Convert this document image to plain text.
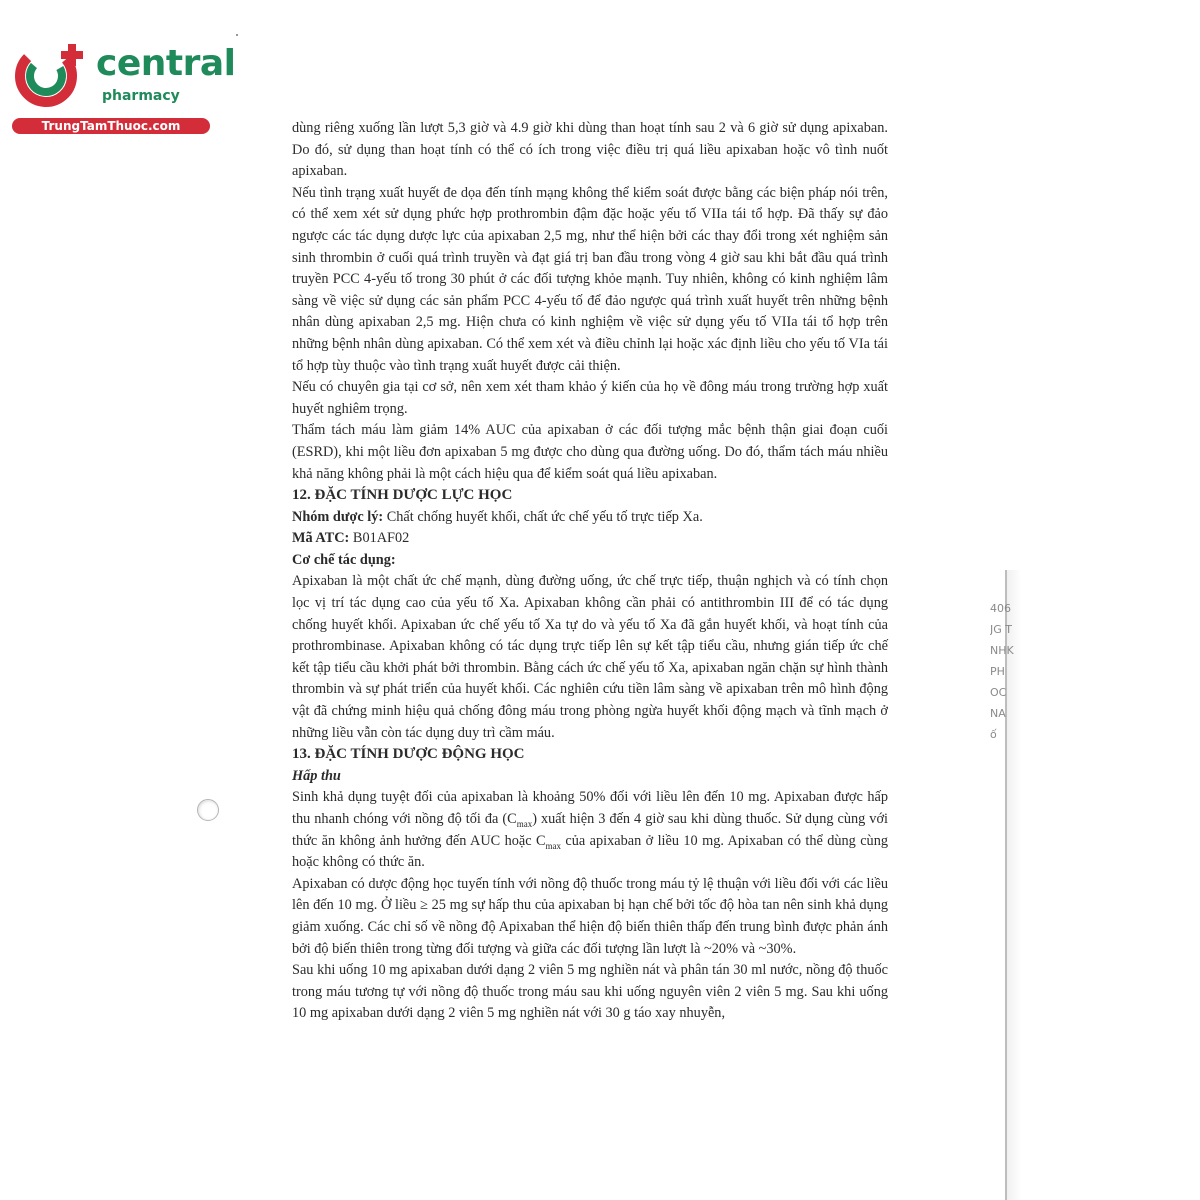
central
pharmacy
TrungTamThuoc.com	dùng riêng xuống lần lượt 5,3 giờ và 4.9 giờ khi dùng than hoạt tính sau 2 và 6 giờ sử dụng apixaban. Do đó, sử dụng than hoạt tính có thể có ích trong việc điều trị quá liều apixaban hoặc vô tình nuốt apixaban.

Nếu tình trạng xuất huyết đe dọa đến tính mạng không thể kiểm soát được bằng các biện pháp nói trên, có thể xem xét sử dụng phức hợp prothrombin đậm đặc hoặc yếu tố VIIa tái tổ hợp. Đã thấy sự đảo ngược các tác dụng dược lực của apixaban 2,5 mg, như thể hiện bởi các thay đổi trong xét nghiệm sản sinh thrombin ở cuối quá trình truyền và đạt giá trị ban đầu trong vòng 4 giờ sau khi bắt đầu quá trình truyền PCC 4-yếu tố trong 30 phút ở các đối tượng khỏe mạnh. Tuy nhiên, không có kinh nghiệm lâm sàng về việc sử dụng các sản phẩm PCC 4-yếu tố để đảo ngược quá trình xuất huyết trên những bệnh nhân dùng apixaban 2,5 mg. Hiện chưa có kinh nghiệm về việc sử dụng yếu tố VIIa tái tổ hợp trên những bệnh nhân dùng apixaban. Có thể xem xét và điều chỉnh lại hoặc xác định liều cho yếu tố VIa tái tổ hợp tùy thuộc vào tình trạng xuất huyết được cải thiện.

Nếu có chuyên gia tại cơ sở, nên xem xét tham khảo ý kiến của họ về đông máu trong trường hợp xuất huyết nghiêm trọng.

Thẩm tách máu làm giảm 14% AUC của apixaban ở các đối tượng mắc bệnh thận giai đoạn cuối (ESRD), khi một liều đơn apixaban 5 mg được cho dùng qua đường uống. Do đó, thẩm tách máu nhiều khả năng không phải là một cách hiệu qua để kiểm soát quá liều apixaban.

12. ĐẶC TÍNH DƯỢC LỰC HỌC

Nhóm dược lý: Chất chống huyết khối, chất ức chế yếu tố trực tiếp Xa.

Mã ATC: B01AF02

Cơ chế tác dụng:

Apixaban là một chất ức chế mạnh, dùng đường uống, ức chế trực tiếp, thuận nghịch và có tính chọn lọc vị trí tác dụng cao của yếu tố Xa. Apixaban không cần phải có antithrombin III để có tác dụng chống huyết khối. Apixaban ức chế yếu tố Xa tự do và yếu tố Xa đã gắn huyết khối, và hoạt tính của prothrombinase. Apixaban không có tác dụng trực tiếp lên sự kết tập tiểu cầu, nhưng gián tiếp ức chế kết tập tiểu cầu khởi phát bởi thrombin. Bằng cách ức chế yếu tố Xa, apixaban ngăn chặn sự hình thành thrombin và sự phát triển của huyết khối. Các nghiên cứu tiền lâm sàng về apixaban trên mô hình động vật đã chứng minh hiệu quả chống đông máu trong phòng ngừa huyết khối động mạch và tĩnh mạch ở những liều vẫn còn tác dụng duy trì cầm máu.

13. ĐẶC TÍNH DƯỢC ĐỘNG HỌC

Hấp thu

Sinh khả dụng tuyệt đối của apixaban là khoảng 50% đối với liều lên đến 10 mg. Apixaban được hấp thu nhanh chóng với nồng độ tối đa $(C_{max})$ xuất hiện 3 đến 4 giờ sau khi dùng thuốc. Sử dụng cùng với thức ăn không ảnh hưởng đến AUC hoặc $C_{max}$ của apixaban ở liều 10 mg. Apixaban có thể dùng cùng hoặc không có thức ăn.

Apixaban có dược động học tuyến tính với nồng độ thuốc trong máu tỷ lệ thuận với liều đối với các liều lên đến 10 mg. Ở liều ≥ 25 mg sự hấp thu của apixaban bị hạn chế bởi tốc độ hòa tan nên sinh khả dụng giảm xuống. Các chỉ số về nồng độ Apixaban thể hiện độ biến thiên thấp đến trung bình được phản ánh bởi độ biến thiên trong từng đối tượng và giữa các đối tượng lần lượt là ~20% và ~30%.

Sau khi uống 10 mg apixaban dưới dạng 2 viên 5 mg nghiền nát và phân tán 30 ml nước, nồng độ thuốc trong máu tương tự với nồng độ thuốc trong máu sau khi uống nguyên viên 2 viên 5 mg. Sau khi uống 10 mg apixaban dưới dạng 2 viên 5 mg nghiền nát với 30 g táo xay nhuyễn,

406
JG T
NHK
PH
OC
NA
ố
